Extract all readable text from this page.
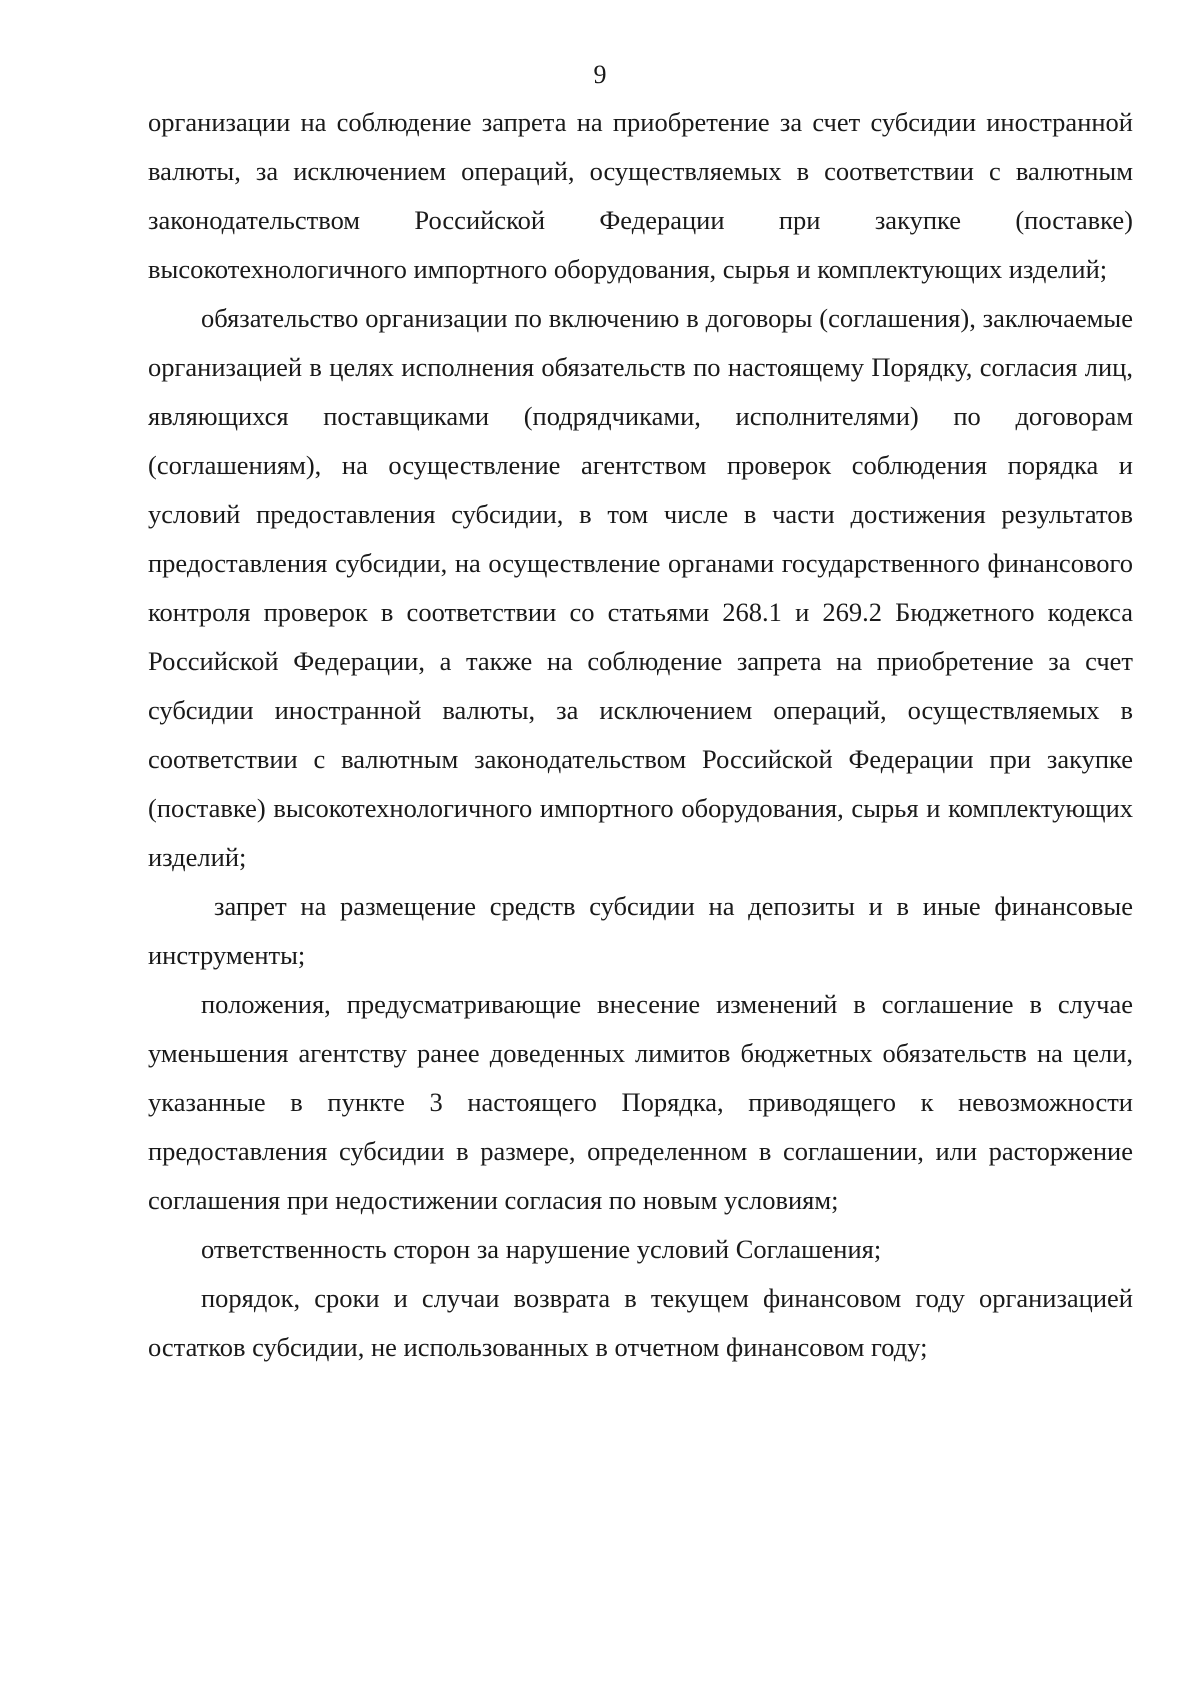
9

организации на соблюдение запрета на приобретение за счет субсидии иностранной валюты, за исключением операций, осуществляемых в соответствии с валютным законодательством Российской Федерации при закупке (поставке) высокотехнологичного импортного оборудования, сырья и комплектующих изделий;

обязательство организации по включению в договоры (соглашения), заключаемые организацией в целях исполнения обязательств по настоящему Порядку, согласия лиц, являющихся поставщиками (подрядчиками, исполнителями) по договорам (соглашениям), на осуществление агентством проверок соблюдения порядка и условий предоставления субсидии, в том числе в части достижения результатов предоставления субсидии, на осуществление органами государственного финансового контроля проверок в соответствии со статьями 268.1 и 269.2 Бюджетного кодекса Российской Федерации, а также на соблюдение запрета на приобретение за счет субсидии иностранной валюты, за исключением операций, осуществляемых в соответствии с валютным законодательством Российской Федерации при закупке (поставке) высокотехнологичного импортного оборудования, сырья и комплектующих изделий;

запрет на размещение средств субсидии на депозиты и в иные финансовые инструменты;

положения, предусматривающие внесение изменений в соглашение в случае уменьшения агентству ранее доведенных лимитов бюджетных обязательств на цели, указанные в пункте 3 настоящего Порядка, приводящего к невозможности предоставления субсидии в размере, определенном в соглашении, или расторжение соглашения при недостижении согласия по новым условиям;

ответственность сторон за нарушение условий Соглашения;

порядок, сроки и случаи возврата в текущем финансовом году организацией остатков субсидии, не использованных в отчетном финансовом году;
